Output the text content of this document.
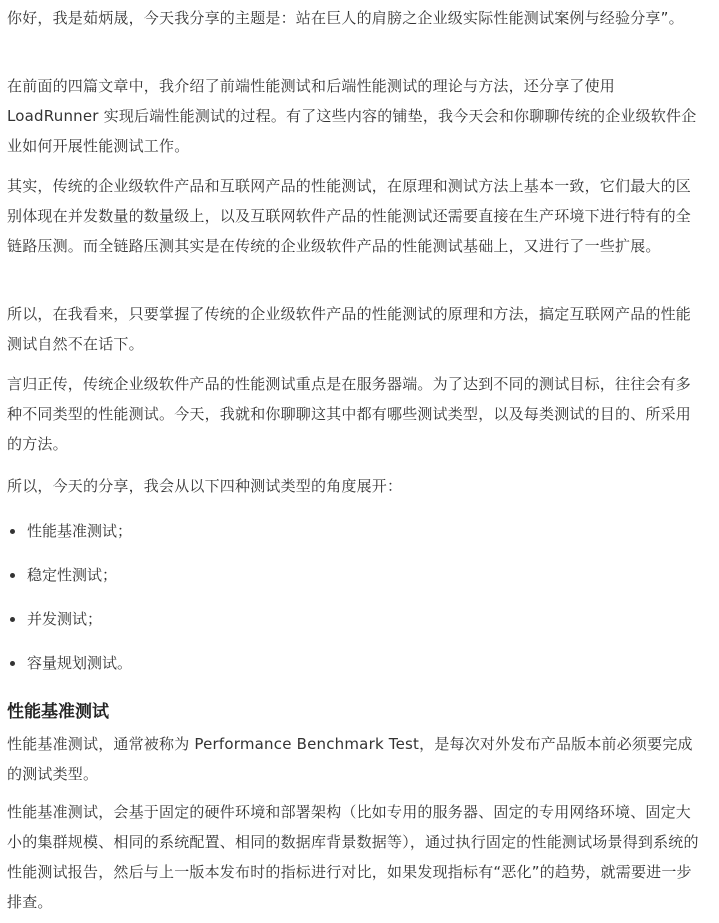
你好，我是茹炳晟，今天我分享的主题是：站在巨人的肩膀之企业级实际性能测试案例与经验分享”。

在前面的四篇文章中，我介绍了前端性能测试和后端性能测试的理论与方法，还分享了使用 LoadRunner 实现后端性能测试的过程。有了这些内容的铺垫，我今天会和你聊聊传统的企业级软件企业如何开展性能测试工作。

其实，传统的企业级软件产品和互联网产品的性能测试，在原理和测试方法上基本一致，它们最大的区别体现在并发数量的数量级上，以及互联网软件产品的性能测试还需要直接在生产环境下进行特有的全链路压测。而全链路压测其实是在传统的企业级软件产品的性能测试基础上，又进行了一些扩展。

所以，在我看来，只要掌握了传统的企业级软件产品的性能测试的原理和方法，搞定互联网产品的性能测试自然不在话下。

言归正传，传统企业级软件产品的性能测试重点是在服务器端。为了达到不同的测试目标，往往会有多种不同类型的性能测试。今天，我就和你聊聊这其中都有哪些测试类型，以及每类测试的目的、所采用的方法。

所以，今天的分享，我会从以下四种测试类型的角度展开：

性能基准测试；
稳定性测试；
并发测试；
容量规划测试。
性能基准测试

性能基准测试，通常被称为 Performance Benchmark Test，是每次对外发布产品版本前必须要完成的测试类型。

性能基准测试，会基于固定的硬件环境和部署架构（比如专用的服务器、固定的专用网络环境、固定大小的集群规模、相同的系统配置、相同的数据库背景数据等），通过执行固定的性能测试场景得到系统的性能测试报告，然后与上一版本发布时的指标进行对比，如果发现指标有“恶化”的趋势，就需要进一步排查。
